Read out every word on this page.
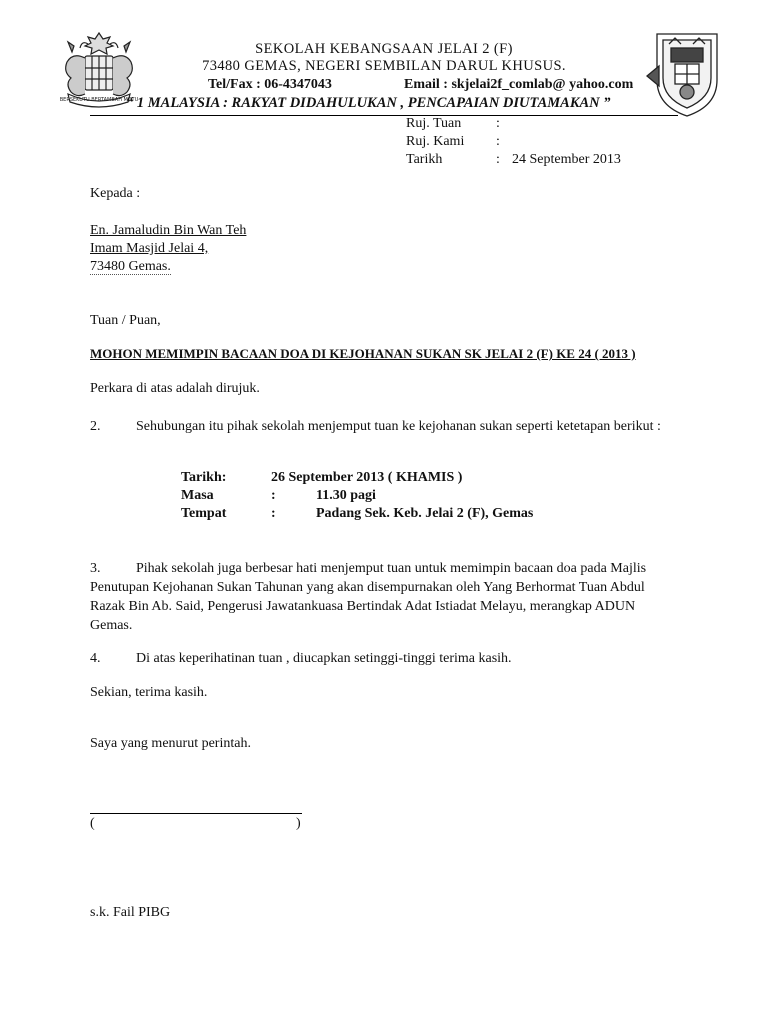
BERSEKUTU BERTAMBAH MUTU
SEKOLAH KEBANGSAAN JELAI 2 (F)
73480 GEMAS, NEGERI SEMBILAN DARUL KHUSUS.
Tel/Fax : 06-4347043	Email : skjelai2f_comlab@ yahoo.com
“ 1 MALAYSIA : RAKYAT DIDAHULUKAN , PENCAPAIAN DIUTAMAKAN ”
Ruj. Tuan :
Ruj. Kami :
Tarikh	: 24 September 2013
Kepada :
En. Jamaludin Bin Wan Teh
Imam Masjid Jelai 4,
73480 Gemas.
Tuan / Puan,
MOHON MEMIMPIN BACAAN DOA DI KEJOHANAN SUKAN SK JELAI 2 (F) KE 24 ( 2013 )
Perkara di atas adalah dirujuk.
2.	Sehubungan itu pihak sekolah menjemput tuan ke kejohanan sukan seperti ketetapan berikut :
Tarikh:	26 September 2013 ( KHAMIS )
Masa	:	11.30 pagi
Tempat	:	Padang Sek. Keb. Jelai 2 (F), Gemas
3.	Pihak sekolah juga berbesar hati menjemput tuan untuk memimpin bacaan doa pada Majlis Penutupan Kejohanan Sukan Tahunan yang akan disempurnakan oleh Yang Berhormat Tuan Abdul Razak Bin Ab. Said, Pengerusi Jawatankuasa Bertindak Adat Istiadat Melayu, merangkap ADUN Gemas.
4.	Di atas keperihatinan tuan , diucapkan setinggi-tinggi terima kasih.
Sekian, terima kasih.
Saya yang menurut perintah.
(	)
s.k. Fail PIBG
